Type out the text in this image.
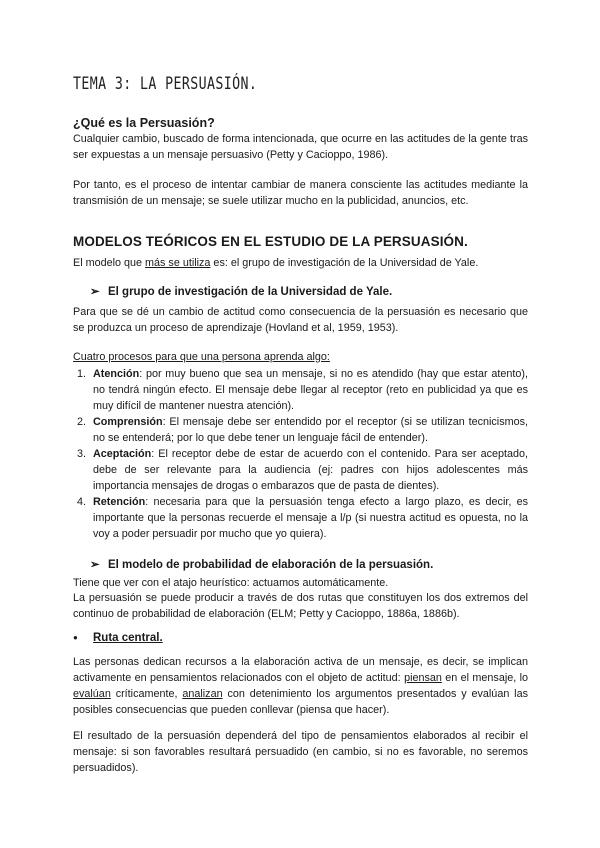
TEMA 3: LA PERSUASIÓN.
¿Qué es la Persuasión?
Cualquier cambio, buscado de forma intencionada, que ocurre en las actitudes de la gente tras ser expuestas a un mensaje persuasivo (Petty y Cacioppo, 1986).
Por tanto, es el proceso de intentar cambiar de manera consciente las actitudes mediante la transmisión de un mensaje; se suele utilizar mucho en la publicidad, anuncios, etc.
MODELOS TEÓRICOS EN EL ESTUDIO DE LA PERSUASIÓN.
El modelo que más se utiliza es: el grupo de investigación de la Universidad de Yale.
➢ El grupo de investigación de la Universidad de Yale.
Para que se dé un cambio de actitud como consecuencia de la persuasión es necesario que se produzca un proceso de aprendizaje (Hovland et al, 1959, 1953).
Cuatro procesos para que una persona aprenda algo:
1. Atención: por muy bueno que sea un mensaje, si no es atendido (hay que estar atento), no tendrá ningún efecto. El mensaje debe llegar al receptor (reto en publicidad ya que es muy difícil de mantener nuestra atención).
2. Comprensión: El mensaje debe ser entendido por el receptor (si se utilizan tecnicismos, no se entenderá; por lo que debe tener un lenguaje fácil de entender).
3. Aceptación: El receptor debe de estar de acuerdo con el contenido. Para ser aceptado, debe de ser relevante para la audiencia (ej: padres con hijos adolescentes más importancia mensajes de drogas o embarazos que de pasta de dientes).
4. Retención: necesaria para que la persuasión tenga efecto a largo plazo, es decir, es importante que la personas recuerde el mensaje a l/p (si nuestra actitud es opuesta, no la voy a poder persuadir por mucho que yo quiera).
➢ El modelo de probabilidad de elaboración de la persuasión.
Tiene que ver con el atajo heurístico: actuamos automáticamente.
La persuasión se puede producir a través de dos rutas que constituyen los dos extremos del continuo de probabilidad de elaboración (ELM; Petty y Cacioppo, 1886a, 1886b).
● Ruta central.
Las personas dedican recursos a la elaboración activa de un mensaje, es decir, se implican activamente en pensamientos relacionados con el objeto de actitud: piensan en el mensaje, lo evalúan críticamente, analizan con detenimiento los argumentos presentados y evalúan las posibles consecuencias que pueden conllevar (piensa que hacer).
El resultado de la persuasión dependerá del tipo de pensamientos elaborados al recibir el mensaje: si son favorables resultará persuadido (en cambio, si no es favorable, no seremos persuadidos).
